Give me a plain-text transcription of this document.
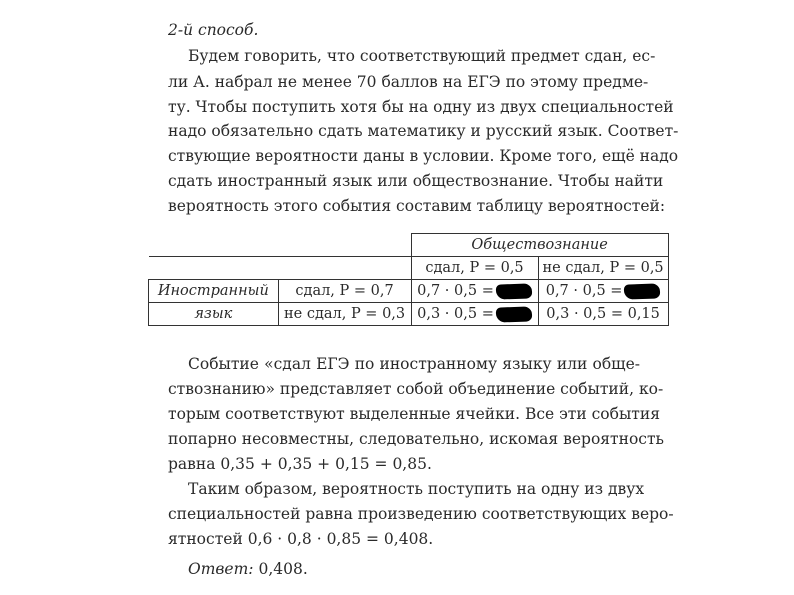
2-й способ.
Будем говорить, что соответствующий предмет сдан, ес-
ли А. набрал не менее 70 баллов на ЕГЭ по этому предме-
ту. Чтобы поступить хотя бы на одну из двух специальностей
надо обязательно сдать математику и русский язык. Соответ-
ствующие вероятности даны в условии. Кроме того, ещё надо
сдать иностранный язык или обществознание. Чтобы найти
вероятность этого события составим таблицу вероятностей:
		Обществознание	
		сдал, P = 0,5	не сдал, P = 0,5
Иностранный	сдал, P = 0,7	0,7 · 0,5 =	0,7 · 0,5 =

язык	не сдал, P = 0,3	0,3 · 0,5 =	0,3 · 0,5 = 0,15
Событие «сдал ЕГЭ по иностранному языку или обще-
ствознанию» представляет собой объединение событий, ко-
торым соответствуют выделенные ячейки. Все эти события
попарно несовместны, следовательно, искомая вероятность
равна 0,35 + 0,35 + 0,15 = 0,85.
Таким образом, вероятность поступить на одну из двух
специальностей равна произведению соответствующих веро-
ятностей 0,6 · 0,8 · 0,85 = 0,408.
Ответ: 0,408.
